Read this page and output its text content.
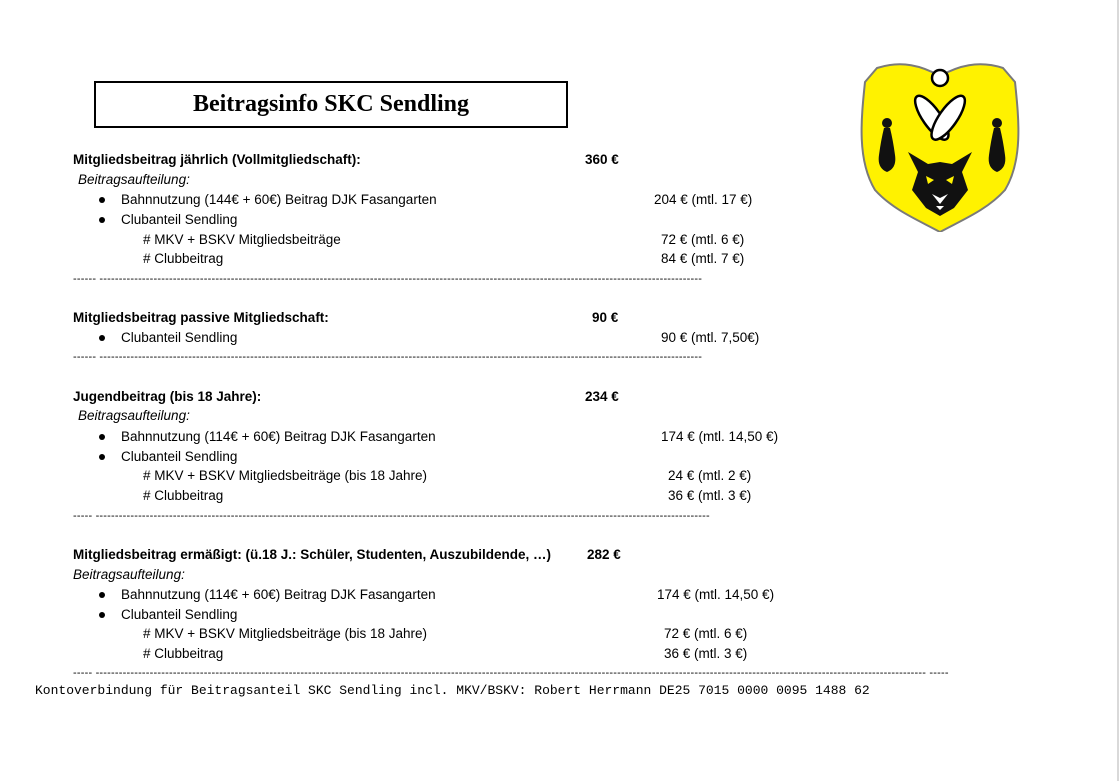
Beitragsinfo SKC Sendling
Mitgliedsbeitrag jährlich (Vollmitgliedschaft):	360 €
Beitragsaufteilung:
Bahnnutzung (144€ + 60€) Beitrag DJK Fasangarten	204 € (mtl. 17 €)
Clubanteil Sendling
# MKV + BSKV Mitgliedsbeiträge	72 € (mtl. 6 €)
# Clubbeitrag	84 € (mtl. 7 €)
------ ------------------------------------------------------------------------------------------------------------------------------------------------------------
Mitgliedsbeitrag passive Mitgliedschaft:	90 €
Clubanteil Sendling	90 € (mtl. 7,50€)
------ ------------------------------------------------------------------------------------------------------------------------------------------------------------
Jugendbeitrag (bis 18 Jahre):	234 €
Beitragsaufteilung:
Bahnnutzung (114€ + 60€) Beitrag DJK Fasangarten	174 € (mtl. 14,50 €)
Clubanteil Sendling
# MKV + BSKV Mitgliedsbeiträge (bis 18 Jahre)	24 € (mtl. 2 €)
# Clubbeitrag	36 € (mtl. 3 €)
----- ---------------------------------------------------------------------------------------------------------------------------------------------------------------
Mitgliedsbeitrag ermäßigt: (ü.18 J.: Schüler, Studenten, Auszubildende, …)	282 €
Beitragsaufteilung:
Bahnnutzung (114€ + 60€) Beitrag DJK Fasangarten	174 € (mtl. 14,50 €)
Clubanteil Sendling
# MKV + BSKV Mitgliedsbeiträge (bis 18 Jahre)	72 € (mtl. 6 €)
# Clubbeitrag	36 € (mtl. 3 €)
----- ----------------------------------------------------------------------------------------------------------------------------------------------------------------------------------------------------------------------- -----
Kontoverbindung für Beitragsanteil SKC Sendling incl. MKV/BSKV: Robert Herrmann DE25 7015 0000 0095 1488 62
